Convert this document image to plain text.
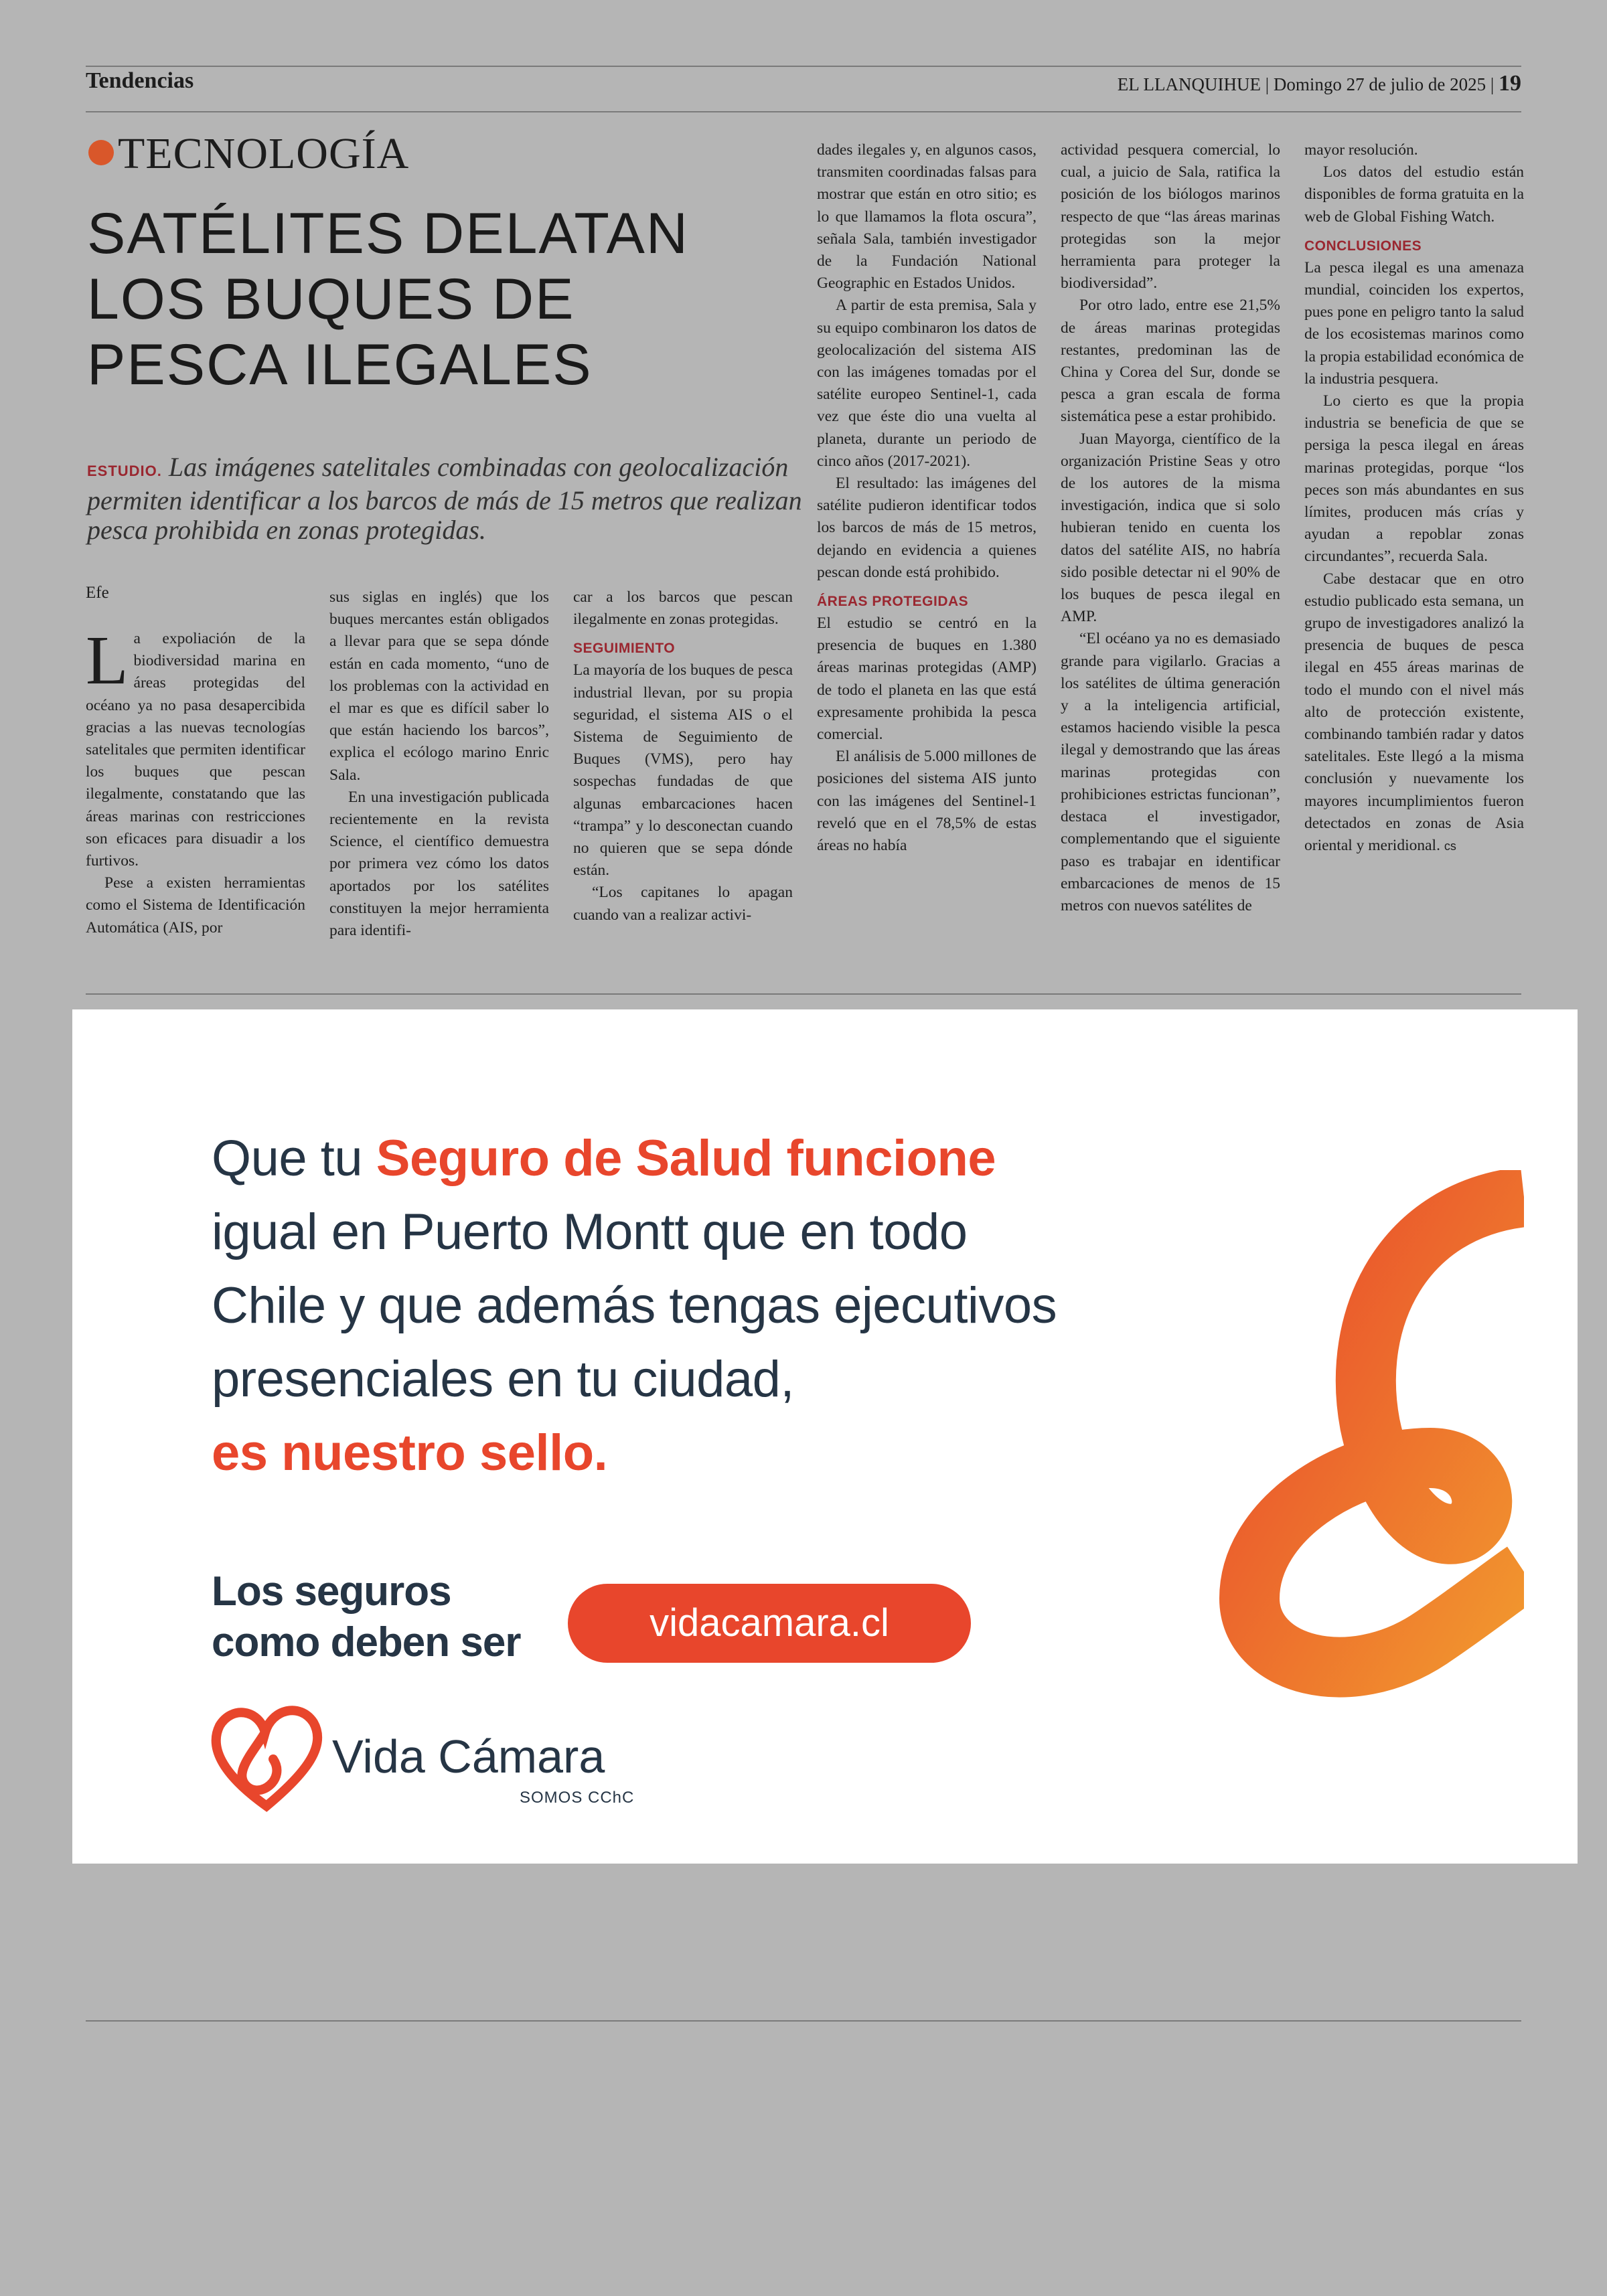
Tendencias	EL LLANQUIHUE | Domingo 27 de julio de 2025 | 19
TECNOLOGÍA
SATÉLITES DELATAN
LOS BUQUES DE
PESCA ILEGALES
ESTUDIO. Las imágenes satelitales combinadas con geolocalización permiten identificar a los barcos de más de 15 metros que realizan pesca prohibida en zonas protegidas.
Efe

La expoliación de la biodiversidad marina en áreas protegidas del océano ya no pasa desapercibida gracias a las nuevas tecnologías satelitales que permiten identificar los buques que pescan ilegalmente, constatando que las áreas marinas con restricciones son eficaces para disuadir a los furtivos.

Pese a existen herramientas como el Sistema de Identificación Automática (AIS, por

sus siglas en inglés) que los buques mercantes están obligados a llevar para que se sepa dónde están en cada momento, “uno de los problemas con la actividad en el mar es que es difícil saber lo que están haciendo los barcos”, explica el ecólogo marino Enric Sala.

En una investigación publicada recientemente en la revista Science, el científico demuestra por primera vez cómo los datos aportados por los satélites constituyen la mejor herramienta para identifi-

car a los barcos que pescan ilegalmente en zonas protegidas.

SEGUIMIENTO

La mayoría de los buques de pesca industrial llevan, por su propia seguridad, el sistema AIS o el Sistema de Seguimiento de Buques (VMS), pero hay sospechas fundadas de que algunas embarcaciones hacen “trampa” y lo desconectan cuando no quieren que se sepa dónde están.

“Los capitanes lo apagan cuando van a realizar activi-

dades ilegales y, en algunos casos, transmiten coordinadas falsas para mostrar que están en otro sitio; es lo que llamamos la flota oscura”, señala Sala, también investigador de la Fundación National Geographic en Estados Unidos.

A partir de esta premisa, Sala y su equipo combinaron los datos de geolocalización del sistema AIS con las imágenes tomadas por el satélite europeo Sentinel-1, cada vez que éste dio una vuelta al planeta, durante un periodo de cinco años (2017-2021).

El resultado: las imágenes del satélite pudieron identificar todos los barcos de más de 15 metros, dejando en evidencia a quienes pescan donde está prohibido.

ÁREAS PROTEGIDAS

El estudio se centró en la presencia de buques en 1.380 áreas marinas protegidas (AMP) de todo el planeta en las que está expresamente prohibida la pesca comercial.

El análisis de 5.000 millones de posiciones del sistema AIS junto con las imágenes del Sentinel-1 reveló que en el 78,5% de estas áreas no había

actividad pesquera comercial, lo cual, a juicio de Sala, ratifica la posición de los biólogos marinos respecto de que “las áreas marinas protegidas son la mejor herramienta para proteger la biodiversidad”.

Por otro lado, entre ese 21,5% de áreas marinas protegidas restantes, predominan las de China y Corea del Sur, donde se pesca a gran escala de forma sistemática pese a estar prohibido.

Juan Mayorga, científico de la organización Pristine Seas y otro de los autores de la misma investigación, indica que si solo hubieran tenido en cuenta los datos del satélite AIS, no habría sido posible detectar ni el 90% de los buques de pesca ilegal en AMP.

“El océano ya no es demasiado grande para vigilarlo. Gracias a los satélites de última generación y a la inteligencia artificial, estamos haciendo visible la pesca ilegal y demostrando que las áreas marinas protegidas con prohibiciones estrictas funcionan”, destaca el investigador, complementando que el siguiente paso es trabajar en identificar embarcaciones de menos de 15 metros con nuevos satélites de

mayor resolución.

Los datos del estudio están disponibles de forma gratuita en la web de Global Fishing Watch.

CONCLUSIONES

La pesca ilegal es una amenaza mundial, coinciden los expertos, pues pone en peligro tanto la salud de los ecosistemas marinos como la propia estabilidad económica de la industria pesquera.

Lo cierto es que la propia industria se beneficia de que se persiga la pesca ilegal en áreas marinas protegidas, porque “los peces son más abundantes en sus límites, producen más crías y ayudan a repoblar zonas circundantes”, recuerda Sala.

Cabe destacar que en otro estudio publicado esta semana, un grupo de investigadores analizó la presencia de buques de pesca ilegal en 455 áreas marinas de todo el mundo con el nivel más alto de protección existente, combinando también radar y datos satelitales. Este llegó a la misma conclusión y nuevamente los mayores incumplimientos fueron detectados en zonas de Asia oriental y meridional. cs

Que tu Seguro de Salud funcione
igual en Puerto Montt que en todo
Chile y que además tengas ejecutivos
presenciales en tu ciudad,
es nuestro sello.
Los seguros
como deben ser	vidacamara.cl
Vida Cámara
SOMOS CChC
